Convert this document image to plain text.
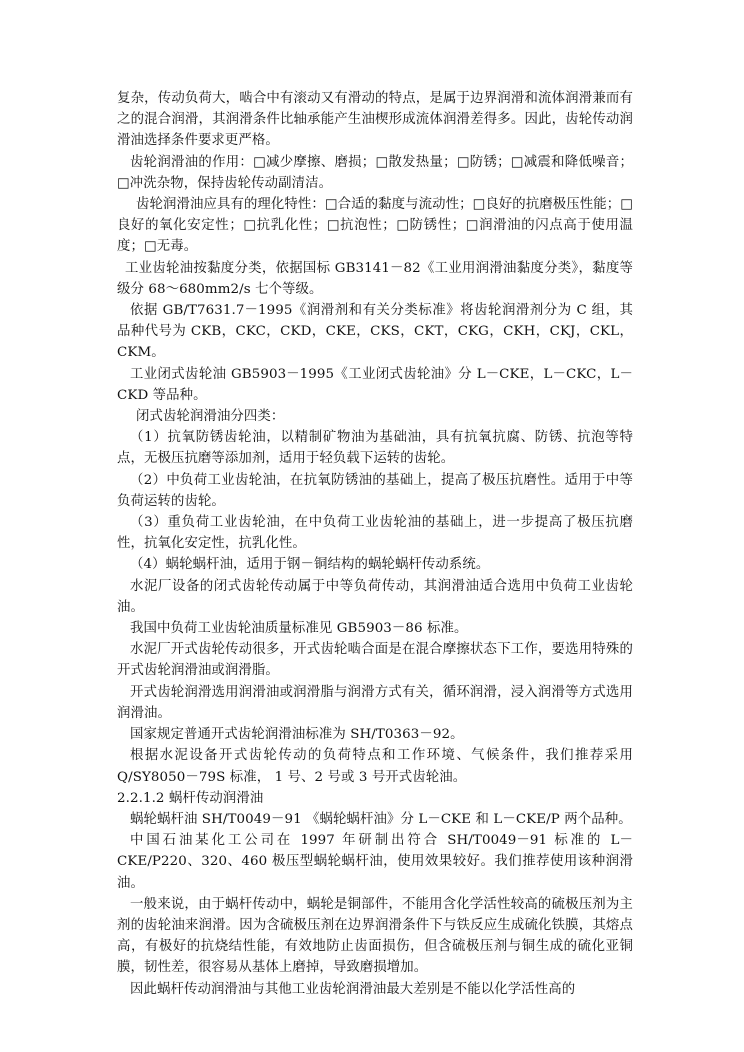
复杂，传动负荷大，啮合中有滚动又有滑动的特点，是属于边界润滑和流体润滑兼而有之的混合润滑，其润滑条件比轴承能产生油楔形成流体润滑差得多。因此，齿轮传动润滑油选择条件要求更严格。

齿轮润滑油的作用：□减少摩擦、磨损；□散发热量；□防锈；□减震和降低噪音；□冲洗杂物，保持齿轮传动副清洁。

齿轮润滑油应具有的理化特性：□合适的黏度与流动性；□良好的抗磨极压性能；□良好的氧化安定性；□抗乳化性；□抗泡性；□防锈性；□润滑油的闪点高于使用温度；□无毒。

工业齿轮油按黏度分类，依据国标 GB3141－82《工业用润滑油黏度分类》，黏度等级分 68～680mm2/s 七个等级。

依据 GB/T7631.7－1995《润滑剂和有关分类标准》将齿轮润滑剂分为 C 组，其品种代号为 CKB，CKC，CKD，CKE，CKS，CKT，CKG，CKH，CKJ，CKL，CKM。

工业闭式齿轮油 GB5903－1995《工业闭式齿轮油》分 L－CKE，L－CKC，L－CKD 等品种。

闭式齿轮润滑油分四类：

（1）抗氧防锈齿轮油，以精制矿物油为基础油，具有抗氧抗腐、防锈、抗泡等特点，无极压抗磨等添加剂，适用于轻负载下运转的齿轮。

（2）中负荷工业齿轮油，在抗氧防锈油的基础上，提高了极压抗磨性。适用于中等负荷运转的齿轮。

（3）重负荷工业齿轮油，在中负荷工业齿轮油的基础上，进一步提高了极压抗磨性，抗氧化安定性，抗乳化性。

（4）蜗轮蜗杆油，适用于钢－铜结构的蜗轮蜗杆传动系统。

水泥厂设备的闭式齿轮传动属于中等负荷传动，其润滑油适合选用中负荷工业齿轮油。

我国中负荷工业齿轮油质量标准见 GB5903－86 标准。

水泥厂开式齿轮传动很多，开式齿轮啮合面是在混合摩擦状态下工作，要选用特殊的开式齿轮润滑油或润滑脂。

开式齿轮润滑选用润滑油或润滑脂与润滑方式有关，循环润滑，浸入润滑等方式选用润滑油。

国家规定普通开式齿轮润滑油标准为 SH/T0363－92。

根据水泥设备开式齿轮传动的负荷特点和工作环境、气候条件，我们推荐采用 Q/SY8050－79S 标准， 1 号、2 号或 3 号开式齿轮油。

2.2.1.2 蜗杆传动润滑油

蜗轮蜗杆油 SH/T0049－91 《蜗轮蜗杆油》分 L－CKE 和 L－CKE/P 两个品种。

中国石油某化工公司在 1997 年研制出符合 SH/T0049－91 标准的 L－CKE/P220、320、460 极压型蜗轮蜗杆油，使用效果较好。我们推荐使用该种润滑油。

一般来说，由于蜗杆传动中，蜗轮是铜部件，不能用含化学活性较高的硫极压剂为主剂的齿轮油来润滑。因为含硫极压剂在边界润滑条件下与铁反应生成硫化铁膜，其熔点高，有极好的抗烧结性能，有效地防止齿面损伤，但含硫极压剂与铜生成的硫化亚铜膜，韧性差，很容易从基体上磨掉，导致磨损增加。

因此蜗杆传动润滑油与其他工业齿轮润滑油最大差别是不能以化学活性高的
